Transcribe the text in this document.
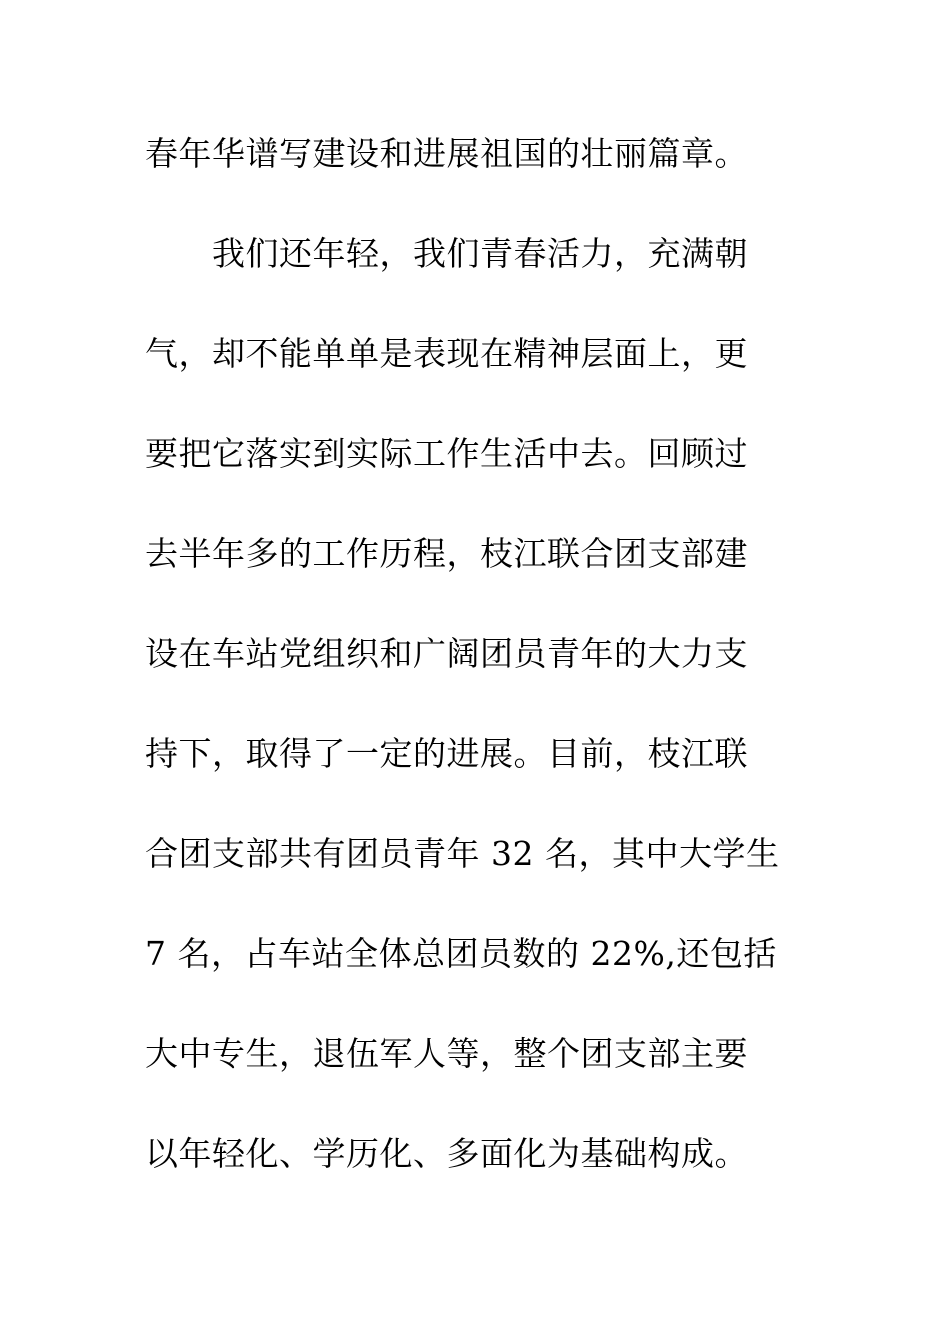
春年华谱写建设和进展祖国的壮丽篇章。
　　我们还年轻，我们青春活力，充满朝
气，却不能单单是表现在精神层面上，更
要把它落实到实际工作生活中去。回顾过
去半年多的工作历程，枝江联合团支部建
设在车站党组织和广阔团员青年的大力支
持下，取得了一定的进展。目前，枝江联
合团支部共有团员青年 32 名，其中大学生
7 名，占车站全体总团员数的 22%,还包括
大中专生，退伍军人等，整个团支部主要
以年轻化、学历化、多面化为基础构成。
